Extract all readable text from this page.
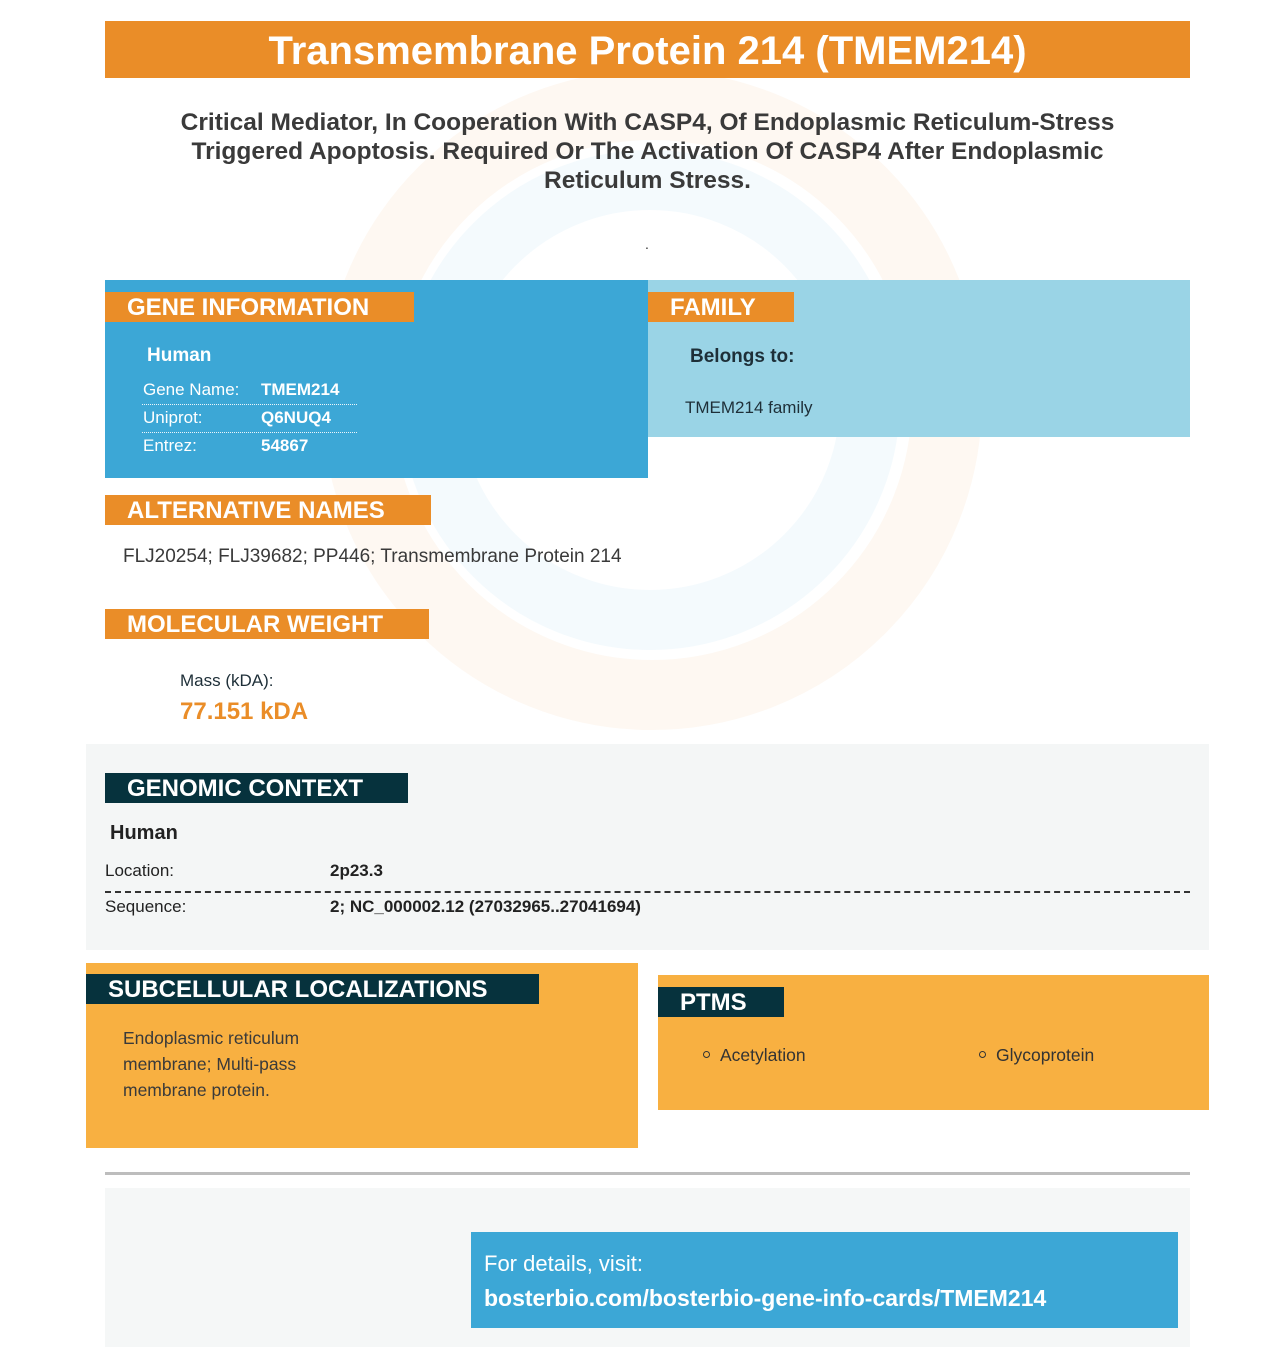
Transmembrane Protein 214 (TMEM214)
Critical Mediator, In Cooperation With CASP4, Of Endoplasmic Reticulum-Stress Triggered Apoptosis. Required Or The Activation Of CASP4 After Endoplasmic Reticulum Stress.
.
GENE INFORMATION
Human
Gene Name: TMEM214
Uniprot:	Q6NUQ4
Entrez:	54867
FAMILY
Belongs to:
TMEM214 family
ALTERNATIVE NAMES
FLJ20254; FLJ39682; PP446; Transmembrane Protein 214
MOLECULAR WEIGHT
Mass (kDA):
77.151 kDA
GENOMIC CONTEXT
Human
Location:	2p23.3
Sequence:	2; NC_000002.12 (27032965..27041694)
SUBCELLULAR LOCALIZATIONS
Endoplasmic reticulum membrane; Multi-pass membrane protein.
PTMS
Acetylation	Glycoprotein
For details, visit:
bosterbio.com/bosterbio-gene-info-cards/TMEM214
